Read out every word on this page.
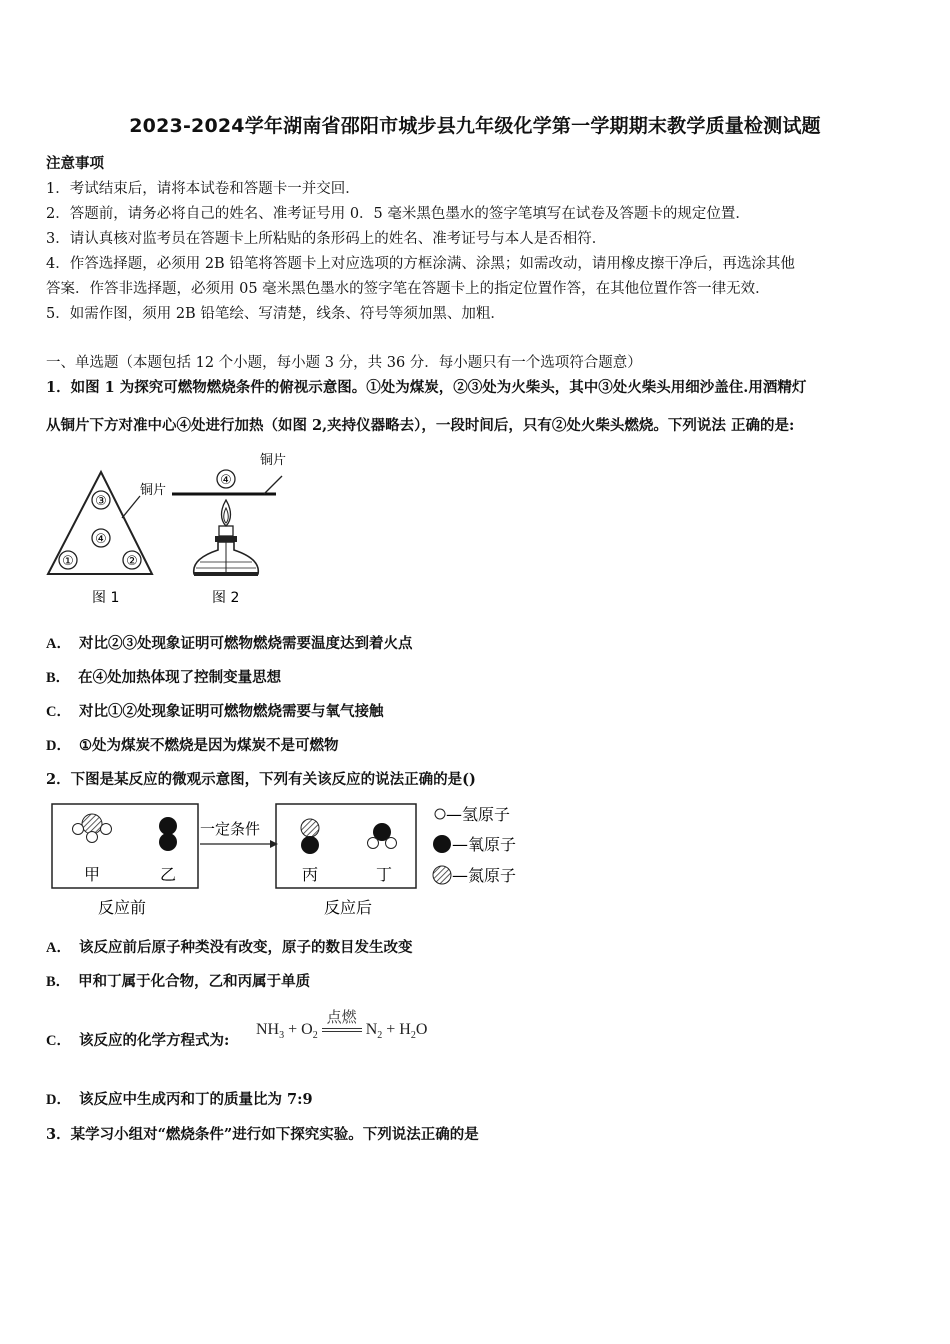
2023-2024学年湖南省邵阳市城步县九年级化学第一学期期末教学质量检测试题
注意事项
1．考试结束后，请将本试卷和答题卡一并交回．
2．答题前，请务必将自己的姓名、准考证号用 0．5 毫米黑色墨水的签字笔填写在试卷及答题卡的规定位置．
3．请认真核对监考员在答题卡上所粘贴的条形码上的姓名、准考证号与本人是否相符．
4．作答选择题，必须用 2B 铅笔将答题卡上对应选项的方框涂满、涂黑；如需改动，请用橡皮擦干净后，再选涂其他
答案．作答非选择题，必须用 05 毫米黑色墨水的签字笔在答题卡上的指定位置作答，在其他位置作答一律无效．
5．如需作图，须用 2B 铅笔绘、写清楚，线条、符号等须加黑、加粗．
一、单选题（本题包括 12 个小题，每小题 3 分，共 36 分．每小题只有一个选项符合题意）
1．如图 1 为探究可燃物燃烧条件的俯视示意图。①处为煤炭，②③处为火柴头，其中③处火柴头用细沙盖住.用酒精灯
从铜片下方对准中心④处进行加热（如图 2,夹持仪器略去），一段时间后，只有②处火柴头燃烧。下列说法 正确的是:
③
④
①	②
铜片
图 1
铜片
④
图 2
A． 对比②③处现象证明可燃物燃烧需要温度达到着火点
B． 在④处加热体现了控制变量思想
C． 对比①②处现象证明可燃物燃烧需要与氧气接触
D． ①处为煤炭不燃烧是因为煤炭不是可燃物
2．下图是某反应的微观示意图，下列有关该反应的说法正确的是()
甲	乙
一定条件
丙	丁
反应前	反应后
—氢原子
—氧原子
—氮原子
A． 该反应前后原子种类没有改变，原子的数目发生改变
B． 甲和丁属于化合物，乙和丙属于单质
C． 该反应的化学方程式为:
$NH_3 + O_2$
点燃
$N_2 + H_2O$
D． 该反应中生成丙和丁的质量比为 7:9
3．某学习小组对“燃烧条件”进行如下探究实验。下列说法正确的是
